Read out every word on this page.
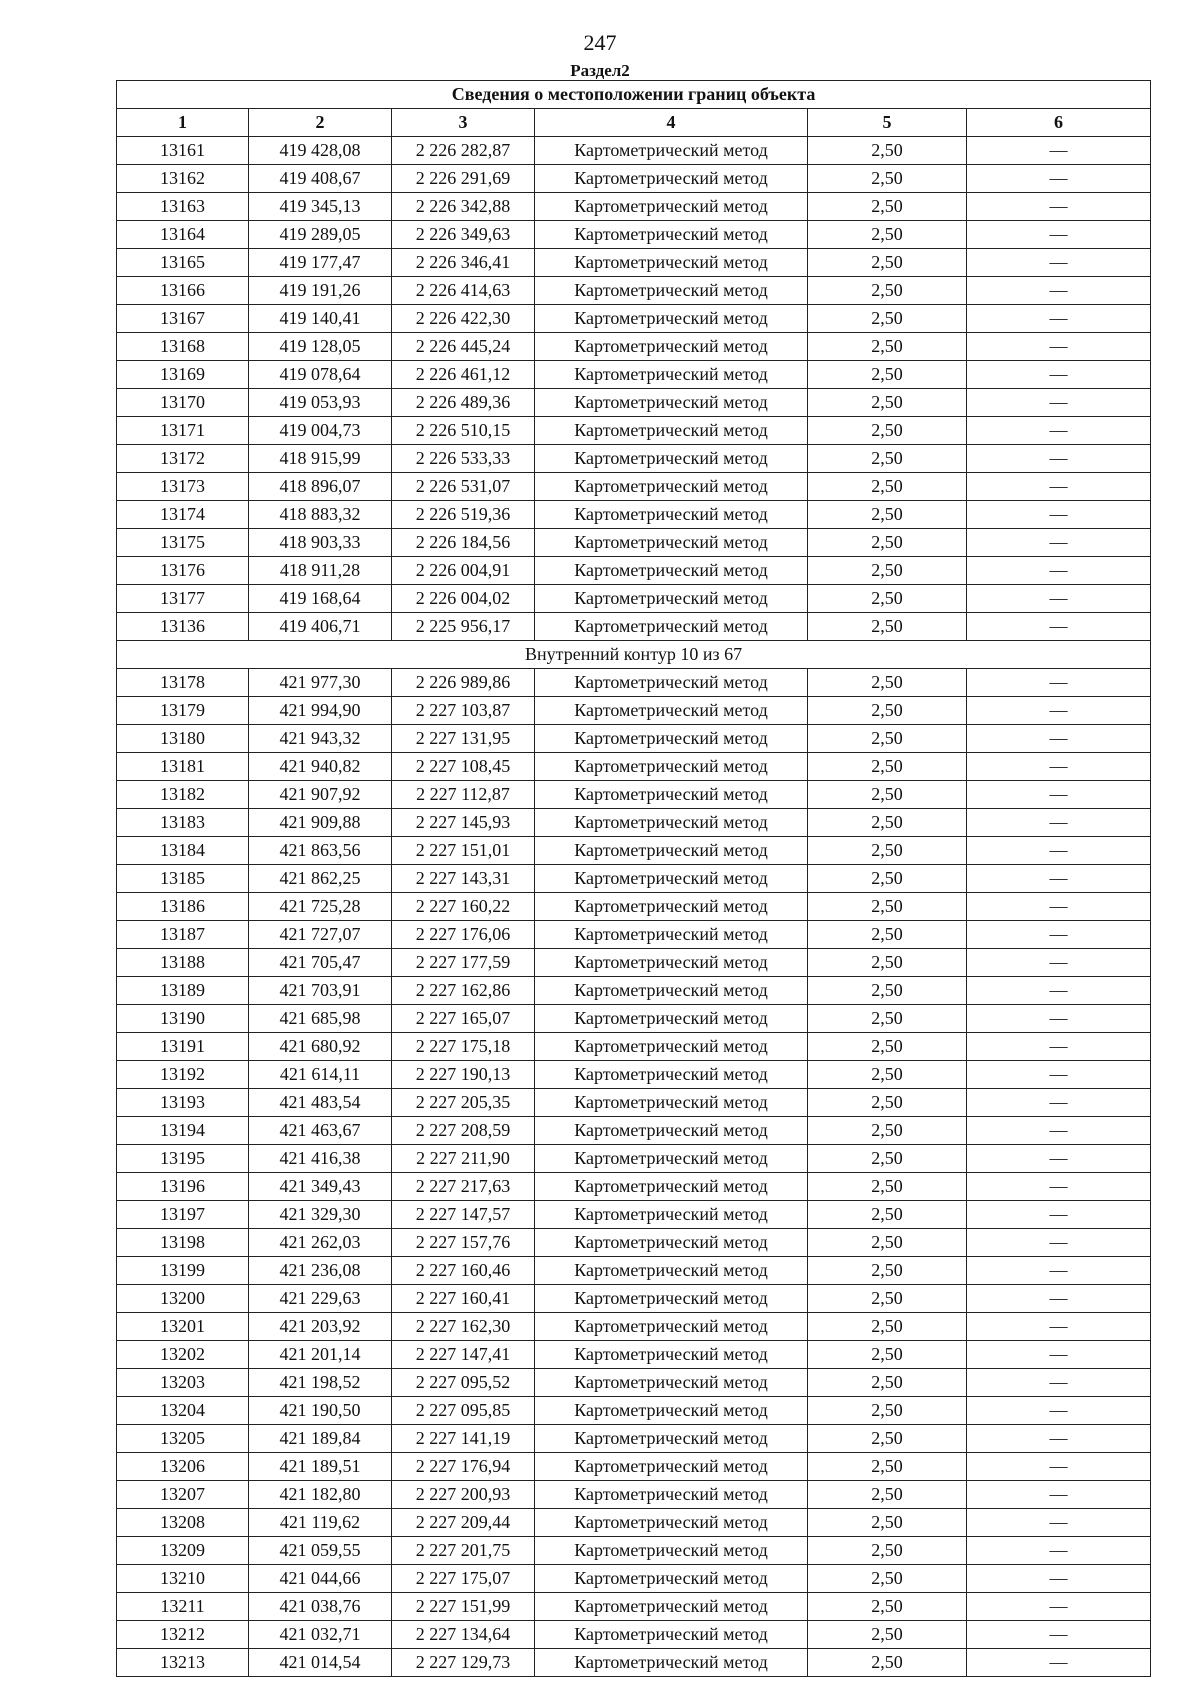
247
Раздел2
Сведения о местоположении границ объекта					
1	2	3	4	5	6
13161	419 428,08	2 226 282,87	Картометрический метод	2,50	—
13162	419 408,67	2 226 291,69	Картометрический метод	2,50	—
13163	419 345,13	2 226 342,88	Картометрический метод	2,50	—
13164	419 289,05	2 226 349,63	Картометрический метод	2,50	—
13165	419 177,47	2 226 346,41	Картометрический метод	2,50	—
13166	419 191,26	2 226 414,63	Картометрический метод	2,50	—
13167	419 140,41	2 226 422,30	Картометрический метод	2,50	—
13168	419 128,05	2 226 445,24	Картометрический метод	2,50	—
13169	419 078,64	2 226 461,12	Картометрический метод	2,50	—
13170	419 053,93	2 226 489,36	Картометрический метод	2,50	—
13171	419 004,73	2 226 510,15	Картометрический метод	2,50	—
13172	418 915,99	2 226 533,33	Картометрический метод	2,50	—
13173	418 896,07	2 226 531,07	Картометрический метод	2,50	—
13174	418 883,32	2 226 519,36	Картометрический метод	2,50	—
13175	418 903,33	2 226 184,56	Картометрический метод	2,50	—
13176	418 911,28	2 226 004,91	Картометрический метод	2,50	—
13177	419 168,64	2 226 004,02	Картометрический метод	2,50	—
13136	419 406,71	2 225 956,17	Картометрический метод	2,50	—
Внутренний контур 10 из 67					
13178	421 977,30	2 226 989,86	Картометрический метод	2,50	—
13179	421 994,90	2 227 103,87	Картометрический метод	2,50	—
13180	421 943,32	2 227 131,95	Картометрический метод	2,50	—
13181	421 940,82	2 227 108,45	Картометрический метод	2,50	—
13182	421 907,92	2 227 112,87	Картометрический метод	2,50	—
13183	421 909,88	2 227 145,93	Картометрический метод	2,50	—
13184	421 863,56	2 227 151,01	Картометрический метод	2,50	—
13185	421 862,25	2 227 143,31	Картометрический метод	2,50	—
13186	421 725,28	2 227 160,22	Картометрический метод	2,50	—
13187	421 727,07	2 227 176,06	Картометрический метод	2,50	—
13188	421 705,47	2 227 177,59	Картометрический метод	2,50	—
13189	421 703,91	2 227 162,86	Картометрический метод	2,50	—
13190	421 685,98	2 227 165,07	Картометрический метод	2,50	—
13191	421 680,92	2 227 175,18	Картометрический метод	2,50	—
13192	421 614,11	2 227 190,13	Картометрический метод	2,50	—
13193	421 483,54	2 227 205,35	Картометрический метод	2,50	—
13194	421 463,67	2 227 208,59	Картометрический метод	2,50	—
13195	421 416,38	2 227 211,90	Картометрический метод	2,50	—
13196	421 349,43	2 227 217,63	Картометрический метод	2,50	—
13197	421 329,30	2 227 147,57	Картометрический метод	2,50	—
13198	421 262,03	2 227 157,76	Картометрический метод	2,50	—
13199	421 236,08	2 227 160,46	Картометрический метод	2,50	—
13200	421 229,63	2 227 160,41	Картометрический метод	2,50	—
13201	421 203,92	2 227 162,30	Картометрический метод	2,50	—
13202	421 201,14	2 227 147,41	Картометрический метод	2,50	—
13203	421 198,52	2 227 095,52	Картометрический метод	2,50	—
13204	421 190,50	2 227 095,85	Картометрический метод	2,50	—
13205	421 189,84	2 227 141,19	Картометрический метод	2,50	—
13206	421 189,51	2 227 176,94	Картометрический метод	2,50	—
13207	421 182,80	2 227 200,93	Картометрический метод	2,50	—
13208	421 119,62	2 227 209,44	Картометрический метод	2,50	—
13209	421 059,55	2 227 201,75	Картометрический метод	2,50	—
13210	421 044,66	2 227 175,07	Картометрический метод	2,50	—
13211	421 038,76	2 227 151,99	Картометрический метод	2,50	—
13212	421 032,71	2 227 134,64	Картометрический метод	2,50	—
13213	421 014,54	2 227 129,73	Картометрический метод	2,50	—
